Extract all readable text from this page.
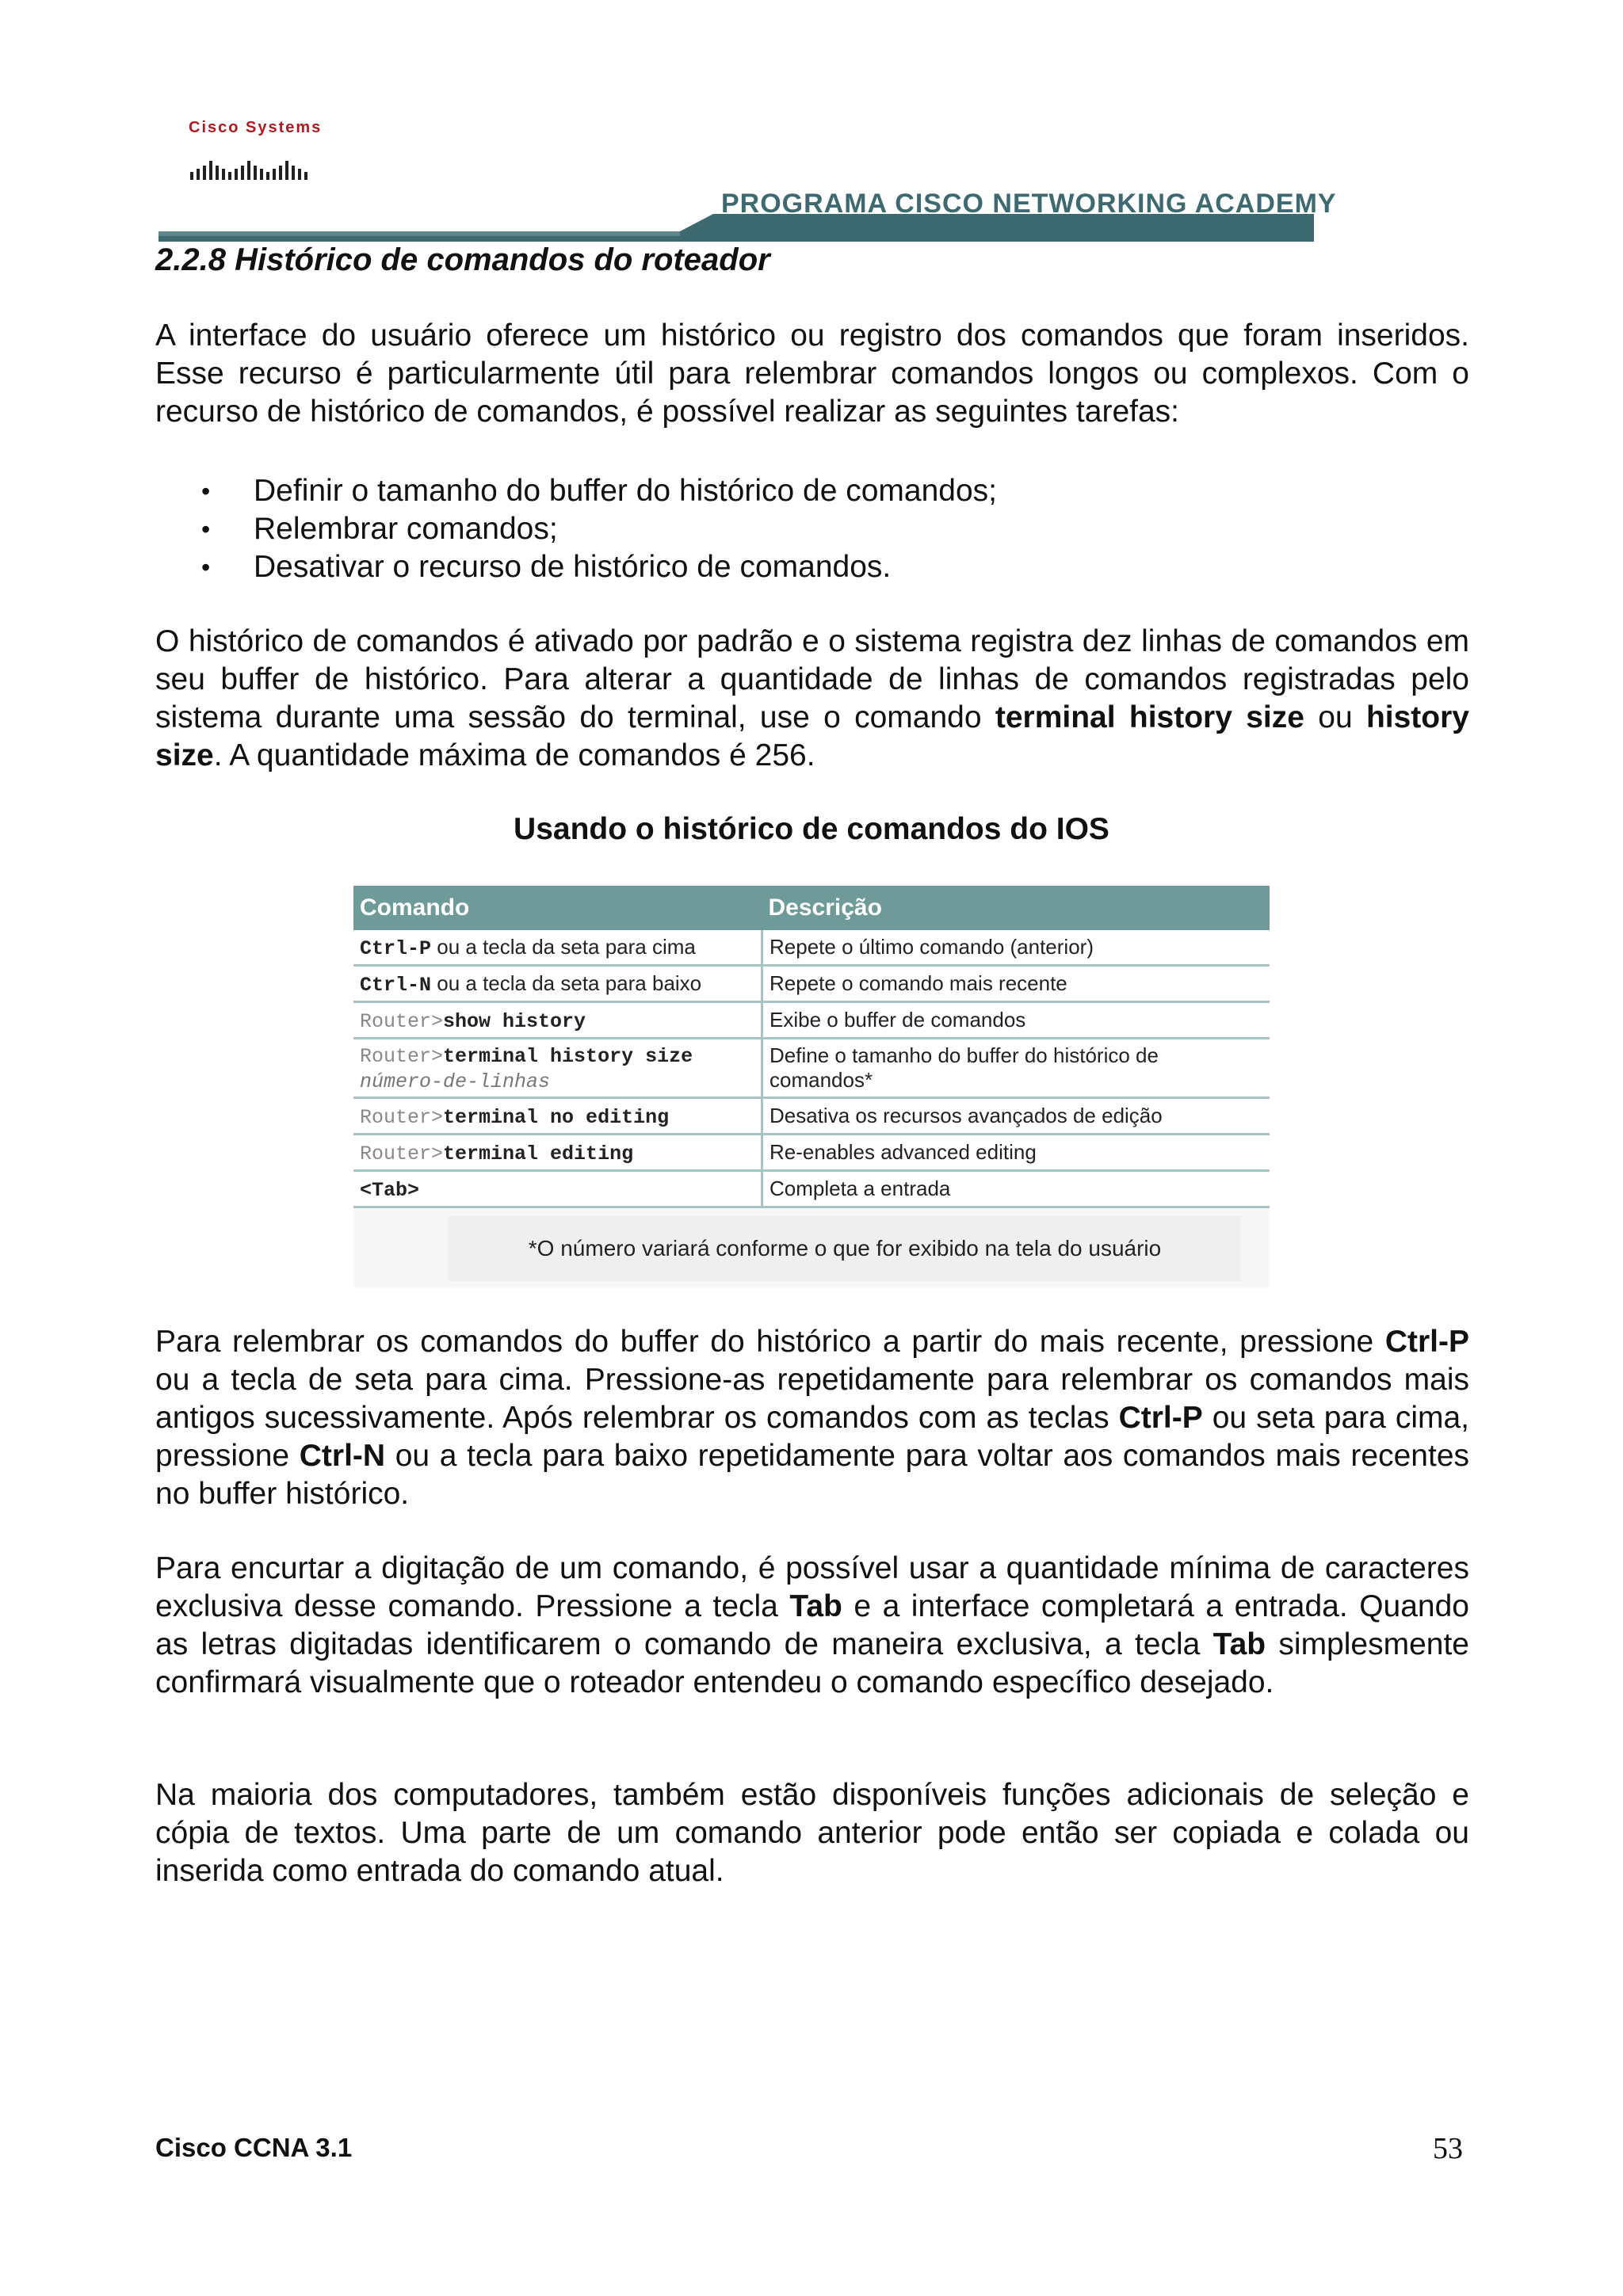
Cisco Systems
PROGRAMA CISCO NETWORKING ACADEMY
2.2.8 Histórico de comandos do roteador

A interface do usuário oferece um histórico ou registro dos comandos que foram inseridos. Esse recurso é particularmente útil para relembrar comandos longos ou complexos. Com o recurso de histórico de comandos, é possível realizar as seguintes tarefas:

• Definir o tamanho do buffer do histórico de comandos;
• Relembrar comandos;
• Desativar o recurso de histórico de comandos.

O histórico de comandos é ativado por padrão e o sistema registra dez linhas de comandos em seu buffer de histórico. Para alterar a quantidade de linhas de comandos registradas pelo sistema durante uma sessão do terminal, use o comando terminal history size ou history size. A quantidade máxima de comandos é 256.

Usando o histórico de comandos do IOS
Comando	Descrição
Ctrl-P ou a tecla da seta para cima	Repete o último comando (anterior)
Ctrl-N ou a tecla da seta para baixo	Repete o comando mais recente
Router>show history	Exibe o buffer de comandos
Router>terminal history size
número-de-linhas	Define o tamanho do buffer do histórico de comandos*
Router>terminal no editing	Desativa os recursos avançados de edição
Router>terminal editing	Re-enables advanced editing
<Tab>	Completa a entrada
*O número variará conforme o que for exibido na tela do usuário

Para relembrar os comandos do buffer do histórico a partir do mais recente, pressione Ctrl-P ou a tecla de seta para cima. Pressione-as repetidamente para relembrar os comandos mais antigos sucessivamente. Após relembrar os comandos com as teclas Ctrl-P ou seta para cima, pressione Ctrl-N ou a tecla para baixo repetidamente para voltar aos comandos mais recentes no buffer histórico.

Para encurtar a digitação de um comando, é possível usar a quantidade mínima de caracteres exclusiva desse comando. Pressione a tecla Tab e a interface completará a entrada. Quando as letras digitadas identificarem o comando de maneira exclusiva, a tecla Tab simplesmente confirmará visualmente que o roteador entendeu o comando específico desejado.

Na maioria dos computadores, também estão disponíveis funções adicionais de seleção e cópia de textos. Uma parte de um comando anterior pode então ser copiada e colada ou inserida como entrada do comando atual.

Cisco CCNA 3.1	53
